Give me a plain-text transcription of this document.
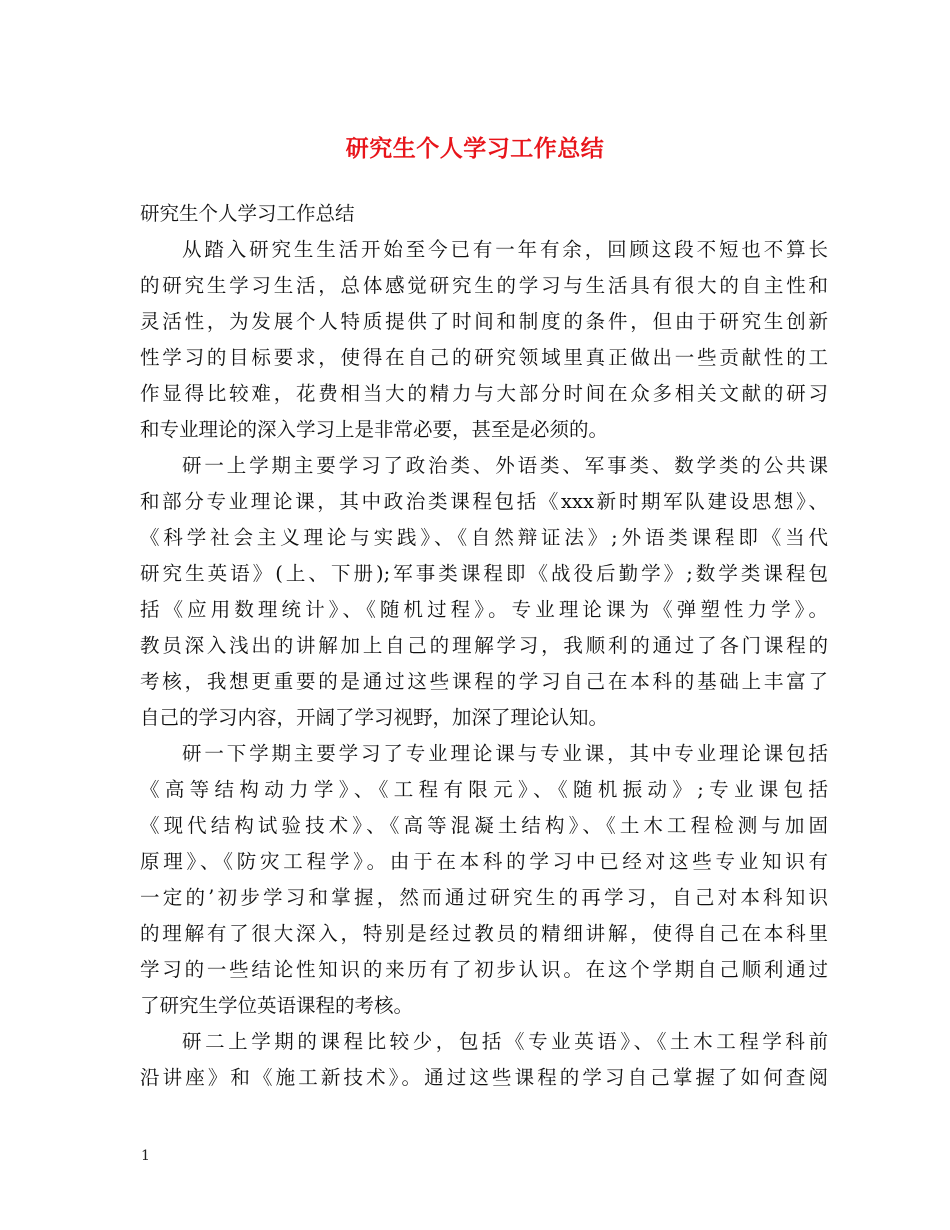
研究生个人学习工作总结
研究生个人学习工作总结
从踏入研究生生活开始至今已有一年有余，回顾这段不短也不算长
的研究生学习生活，总体感觉研究生的学习与生活具有很大的自主性和
灵活性，为发展个人特质提供了时间和制度的条件，但由于研究生创新
性学习的目标要求，使得在自己的研究领域里真正做出一些贡献性的工
作显得比较难，花费相当大的精力与大部分时间在众多相关文献的研习
和专业理论的深入学习上是非常必要，甚至是必须的。
研一上学期主要学习了政治类、外语类、军事类、数学类的公共课
和部分专业理论课，其中政治类课程包括《xxx新时期军队建设思想》、
《科学社会主义理论与实践》、《自然辩证法》;外语类课程即《当代
研究生英语》(上、下册);军事类课程即《战役后勤学》;数学类课程包
括《应用数理统计》、《随机过程》。专业理论课为《弹塑性力学》。
教员深入浅出的讲解加上自己的理解学习，我顺利的通过了各门课程的
考核，我想更重要的是通过这些课程的学习自己在本科的基础上丰富了
自己的学习内容，开阔了学习视野，加深了理论认知。
研一下学期主要学习了专业理论课与专业课，其中专业理论课包括
《高等结构动力学》、《工程有限元》、《随机振动》;专业课包括
《现代结构试验技术》、《高等混凝土结构》、《土木工程检测与加固
原理》、《防灾工程学》。由于在本科的学习中已经对这些专业知识有
一定的’初步学习和掌握，然而通过研究生的再学习，自己对本科知识
的理解有了很大深入，特别是经过教员的精细讲解，使得自己在本科里
学习的一些结论性知识的来历有了初步认识。在这个学期自己顺利通过
了研究生学位英语课程的考核。
研二上学期的课程比较少，包括《专业英语》、《土木工程学科前
沿讲座》和《施工新技术》。通过这些课程的学习自己掌握了如何查阅
1
